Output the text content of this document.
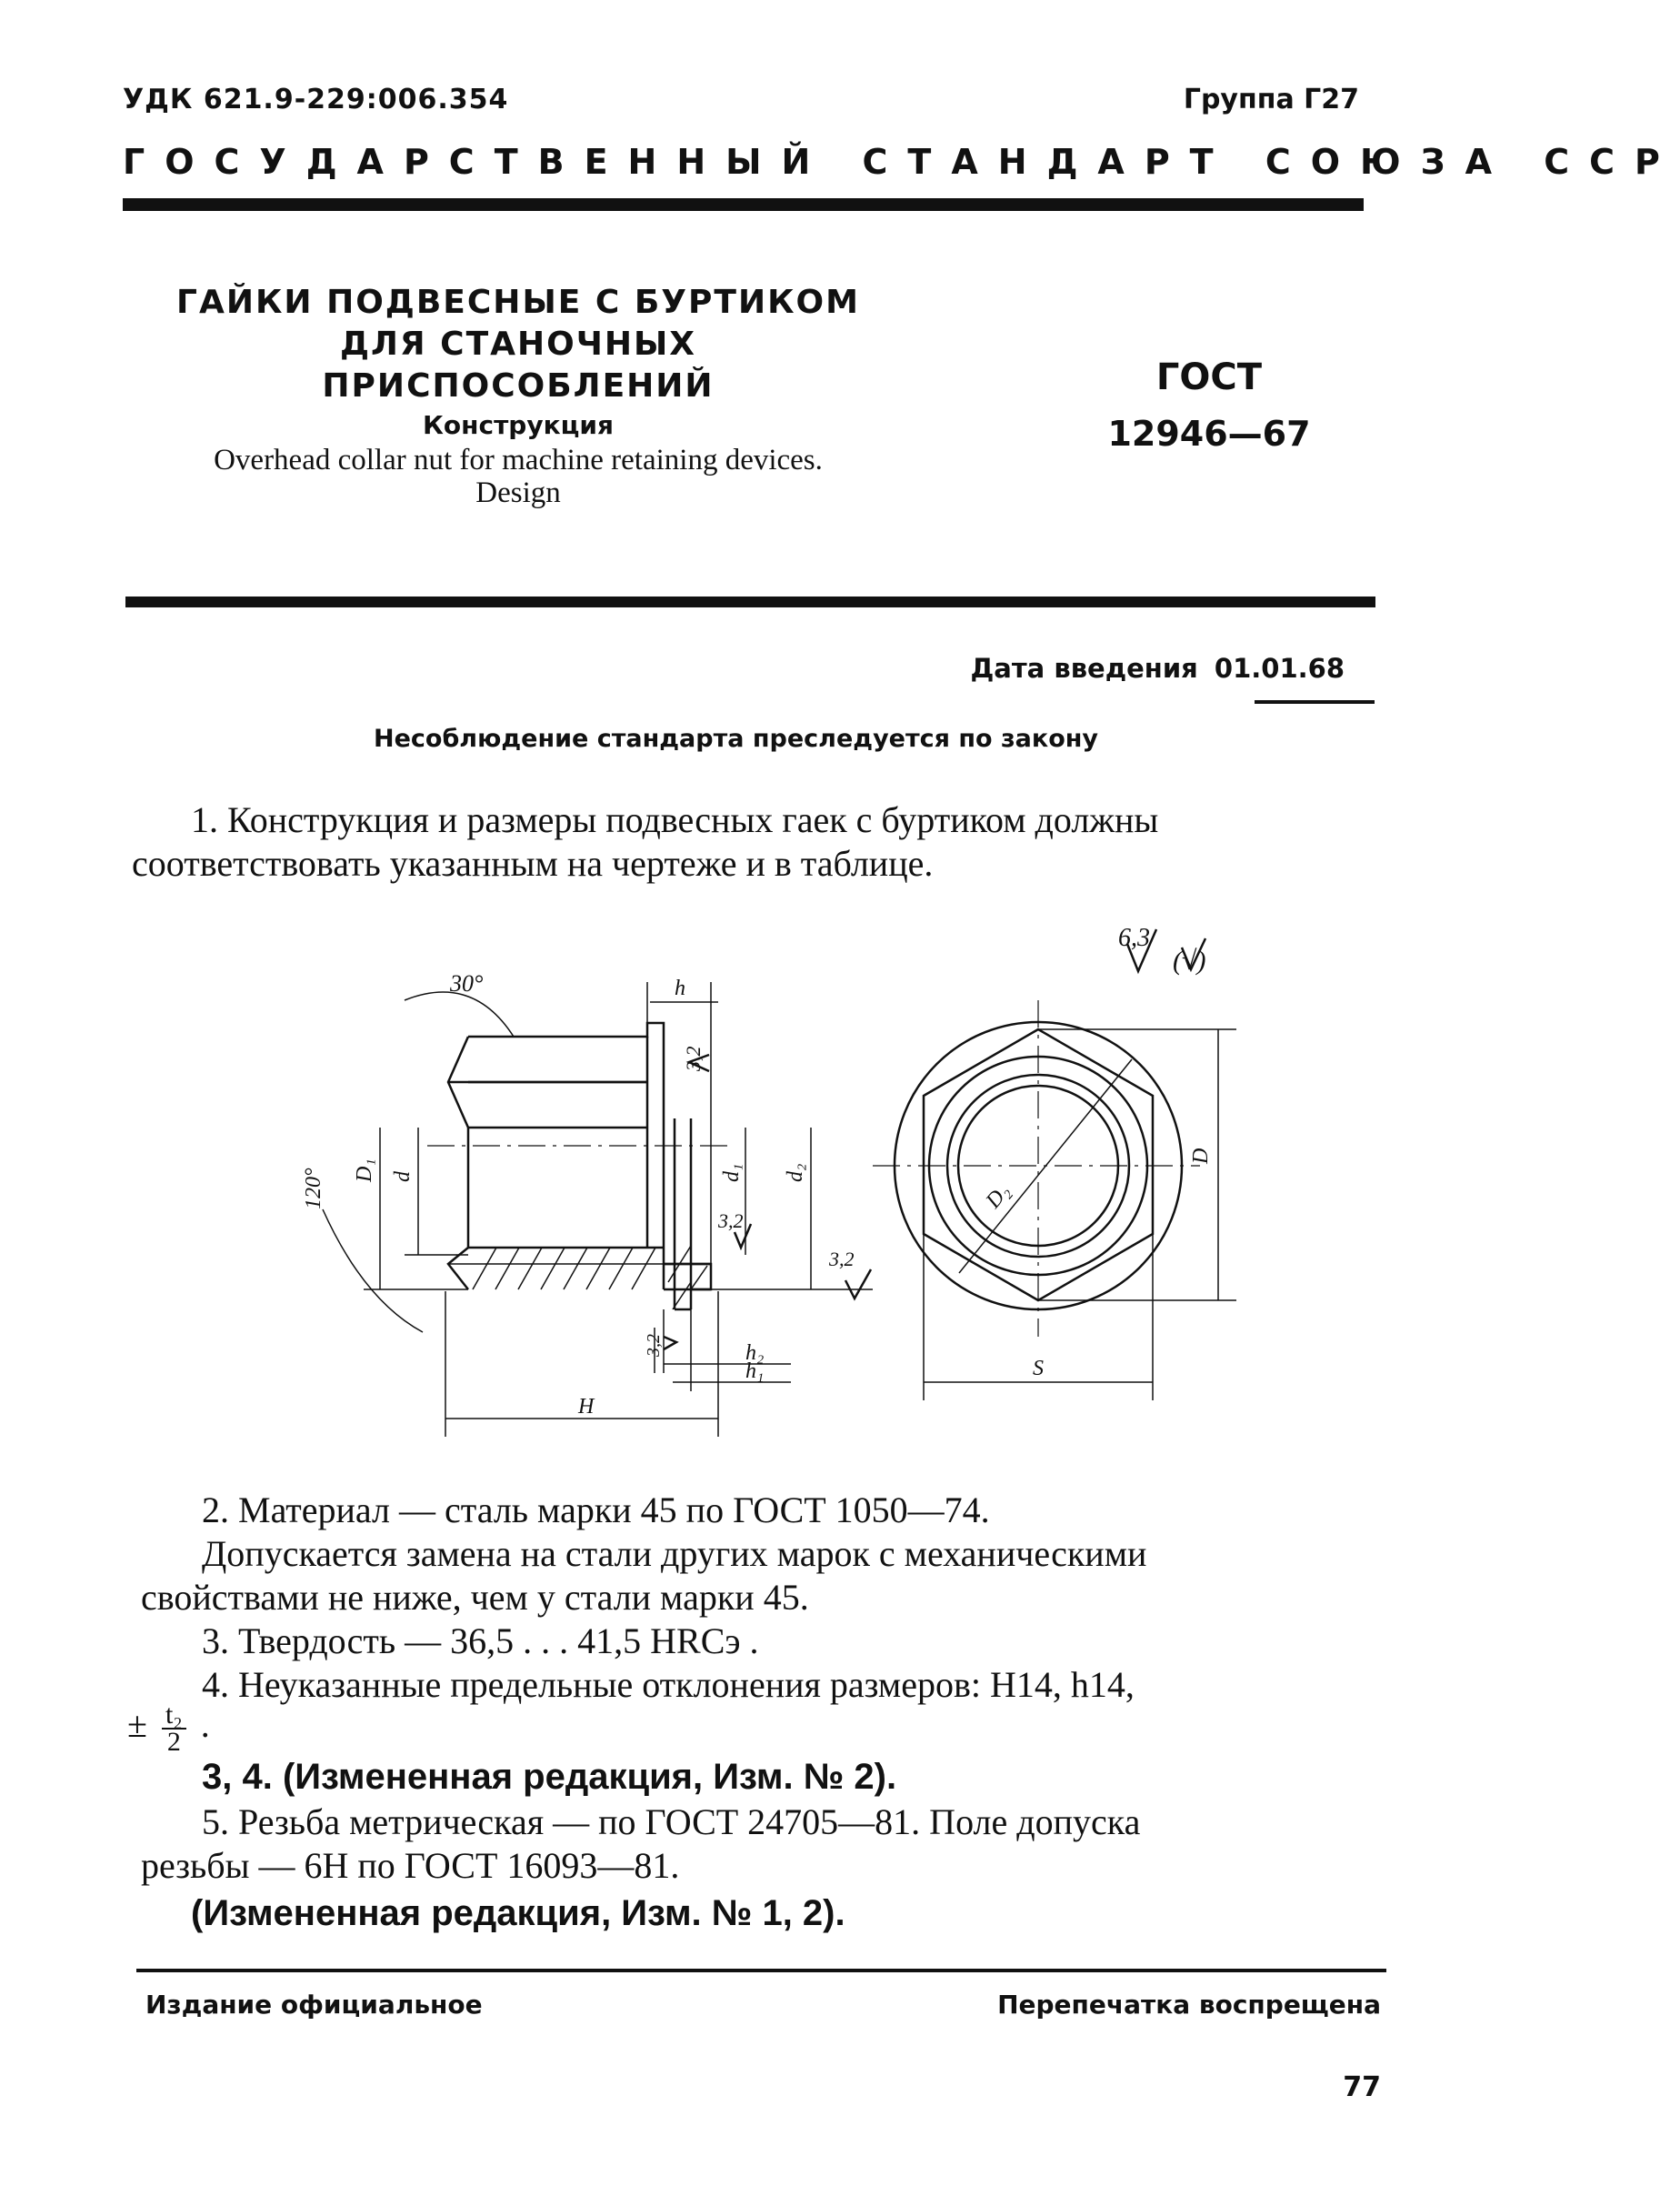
УДК 621.9-229:006.354	Группа Г27
ГОСУДАРСТВЕННЫЙ СТАНДАРТ СОЮЗА ССР
ГАЙКИ ПОДВЕСНЫЕ С БУРТИКОМ
ДЛЯ СТАНОЧНЫХ
ПРИСПОСОБЛЕНИЙ
Конструкция
Overhead collar nut for machine retaining devices.
Design
ГОСТ
12946—67
Дата введения 01.01.68
Несоблюдение стандарта преследуется по закону
1. Конструкция и размеры подвесных гаек с буртиком должны
соответствовать указанным на чертеже и в таблице.
30°
120°
6,3
(√)
h
D₁ d	d₁ d₂
3,2
3,2
3,2
3,2	h₂
h₁
H
D
D₂
S
2. Материал — сталь марки 45 по ГОСТ 1050—74.
Допускается замена на стали других марок с механическими
свойствами не ниже, чем у стали марки 45.
3. Твердость — 36,5 . . . 41,5 HRCэ .
4. Неуказанные предельные отклонения размеров: H14, h14,
± $\frac{\text{t₂}}{2}$ .
3, 4. (Измененная редакция, Изм. № 2).
5. Резьба метрическая — по ГОСТ 24705—81. Поле допуска
резьбы — 6H по ГОСТ 16093—81.
(Измененная редакция, Изм. № 1, 2).
Издание официальное	Перепечатка воспрещена
77
